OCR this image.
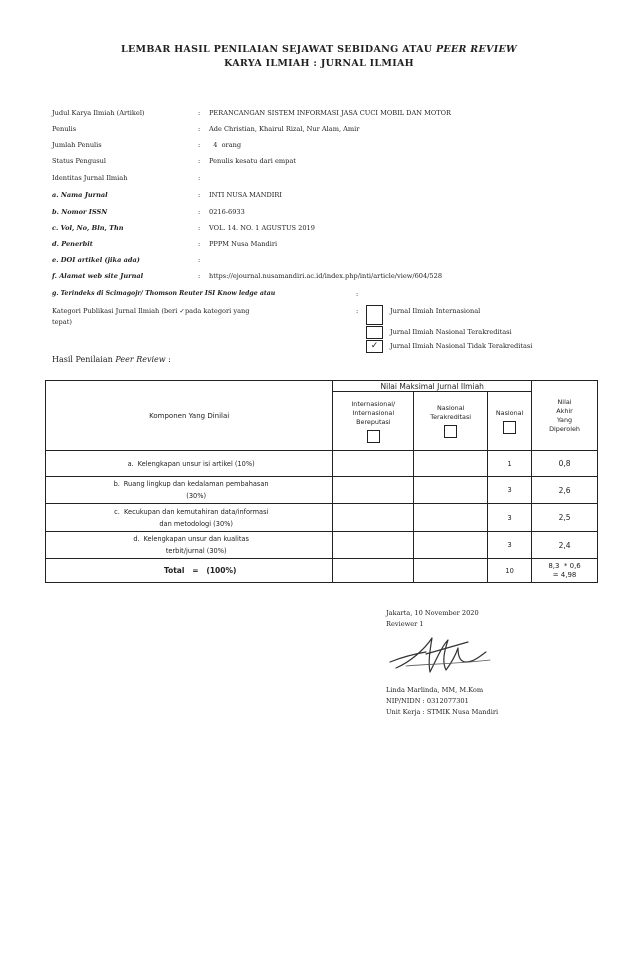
LEMBAR HASIL PENILAIAN SEJAWAT SEBIDANG ATAU PEER REVIEW
KARYA ILMIAH : JURNAL ILMIAH
Judul Karya Ilmiah (Artikel)	: PERANCANGAN SISTEM INFORMASI JASA CUCI MOBIL DAN MOTOR
Penulis	: Ade Christian, Khairul Rizal, Nur Alam, Amir
Jumlah Penulis	: 4  orang
Status Pengusul	: Penulis kesatu dari empat
Identitas Jurnal Ilmiah	:
a. Nama Jurnal	: INTI NUSA MANDIRI
b. Nomor ISSN	: 0216-6933
c. Vol, No, Bln, Thn	: VOL. 14. NO. 1 AGUSTUS 2019
d. Penerbit	: PPPM Nusa Mandiri
e. DOI artikel (jika ada)	:
f. Alamat web site Jurnal	: https://ejournal.nusamandiri.ac.id/index.php/inti/article/view/604/528
g. Terindeks di Scimagojr/ Thomson Reuter ISI Know ledge atau	:
Kategori Publikasi Jurnal Ilmiah (beri ✓pada kategori yang	:
tepat)
Jurnal Ilmiah Internasional
Jurnal Ilmiah Nasional Terakreditasi
✓	Jurnal Ilmiah Nasional Tidak Terakreditasi
Hasil Penilaian Peer Review :
Komponen Yang Dinilai	Nilai Maksimal Jurnal Ilmiah			Nilai
Akhir
Yang
Diperoleh
	Internasional/
Internasional
Bereputasi	Nasional
Terakreditasi	Nasional	

a. Kelengkapan unsur isi artikel (10%)			1	0,8
b. Ruang lingkup dan kedalaman pembahasan
(30%)			3	2,6
c. Kecukupan dan kemutahiran data/informasi
dan metodologi (30%)			3	2,5
d. Kelengkapan unsur dan kualitas
terbit/jurnal (30%)			3	2,4
Total   =   (100%)			10	8,3  * 0,6
= 4,98
Jakarta, 10 November 2020
Reviewer 1
Linda Marlinda, MM, M.Kom
NIP/NIDN : 0312077301
Unit Kerja : STMIK Nusa Mandiri
